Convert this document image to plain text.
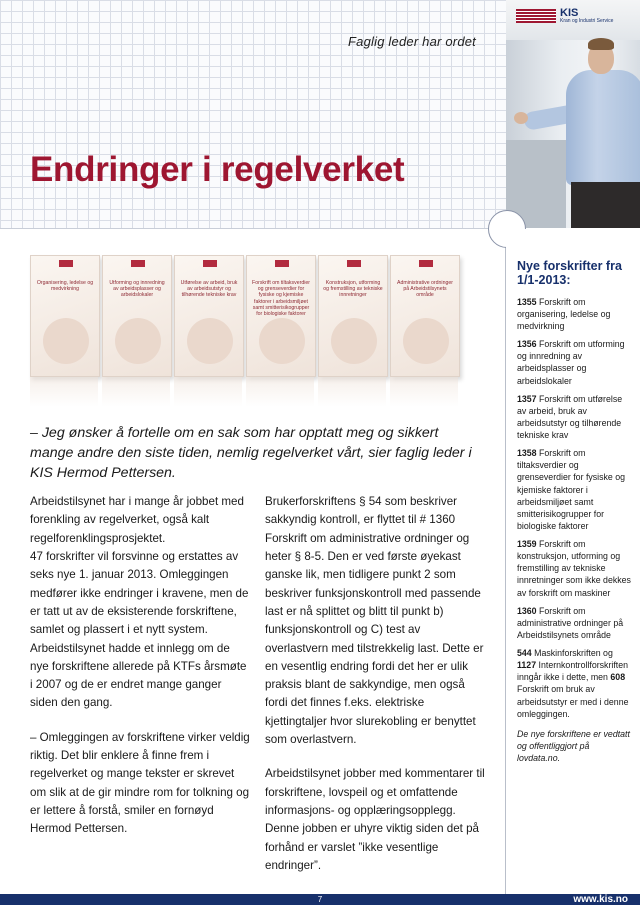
Faglig leder har ordet
Endringer i regelverket
KIS
Kran og Industri Service
Organisering, ledelse og medvirkning
Utforming og innredning av arbeidsplasser og arbeidslokaler
Utførelse av arbeid, bruk av arbeidsutstyr og tilhørende tekniske krav
Forskrift om tiltaksverdier og grenseverdier for fysiske og kjemiske faktorer i arbeidsmiljøet samt smitterisikogrupper for biologiske faktorer
Konstruksjon, utforming og fremstilling av tekniske innretninger
Administrative ordninger på Arbeidstilsynets område

– Jeg ønsker å fortelle om en sak som har opptatt meg og sikkert mange andre den siste tiden, nemlig regelverket vårt, sier faglig leder i KIS Hermod Pettersen.

Arbeidstilsynet har i mange år jobbet med forenkling av regelverket, også kalt regelforenklingsprosjektet.
47 forskrifter vil forsvinne og erstattes av seks nye 1. januar 2013. Omleggingen medfører ikke endringer i kravene, men de er tatt ut av de eksisterende forskriftene, samlet og plassert i et nytt system. Arbeidstilsynet hadde et innlegg om de nye forskriftene allerede på KTFs årsmøte i 2007 og de er endret mange ganger siden den gang.

– Omleggingen av forskriftene virker veldig riktig. Det blir enklere å finne frem i regelverket og mange tekster er skrevet om slik at de gir mindre rom for tolkning og er lettere å forstå, smiler en fornøyd Hermod Pettersen.

Brukerforskriftens § 54 som beskriver sakkyndig kontroll, er flyttet til # 1360 Forskrift om administrative ordninger og heter § 8-5. Den er ved første øyekast ganske lik, men tidligere punkt 2 som beskriver funksjonskontroll med passende last er nå splittet og blitt til punkt b) funksjonskontroll og C) test av overlastvern med tilstrekkelig last. Dette er en vesentlig endring fordi det her er ulik praksis blant de sakkyndige, men også fordi det finnes f.eks. elektriske kjettingtaljer hvor slurekobling er benyttet som overlastvern.

Arbeidstilsynet jobber med kommentarer til forskriftene, lovspeil og et omfattende informasjons- og opplæringsopplegg. Denne jobben er uhyre viktig siden det på forhånd er varslet ”ikke vesentlige endringer”.

Nye forskrifter fra 1/1-2013:

1355 Forskrift om organisering, ledelse og medvirkning

1356 Forskrift om utforming og innredning av arbeidsplasser og arbeidslokaler

1357 Forskrift om utførelse av arbeid, bruk av arbeidsutstyr og tilhørende tekniske krav

1358 Forskrift om tiltaksverdier og grenseverdier for fysiske og kjemiske faktorer i arbeidsmiljøet samt smitterisikogrupper for biologiske faktorer

1359 Forskrift om konstruksjon, utforming og fremstilling av tekniske innretninger som ikke dekkes av forskrift om maskiner

1360 Forskrift om administrative ordninger på Arbeidstilsynets område

544 Maskinforskriften og 1127 Internkontrollforskriften inngår ikke i dette, men 608 Forskrift om bruk av arbeidsutstyr er med i denne omleggingen.

De nye forskriftene er vedtatt og offentliggjort på lovdata.no.

7	www.kis.no
